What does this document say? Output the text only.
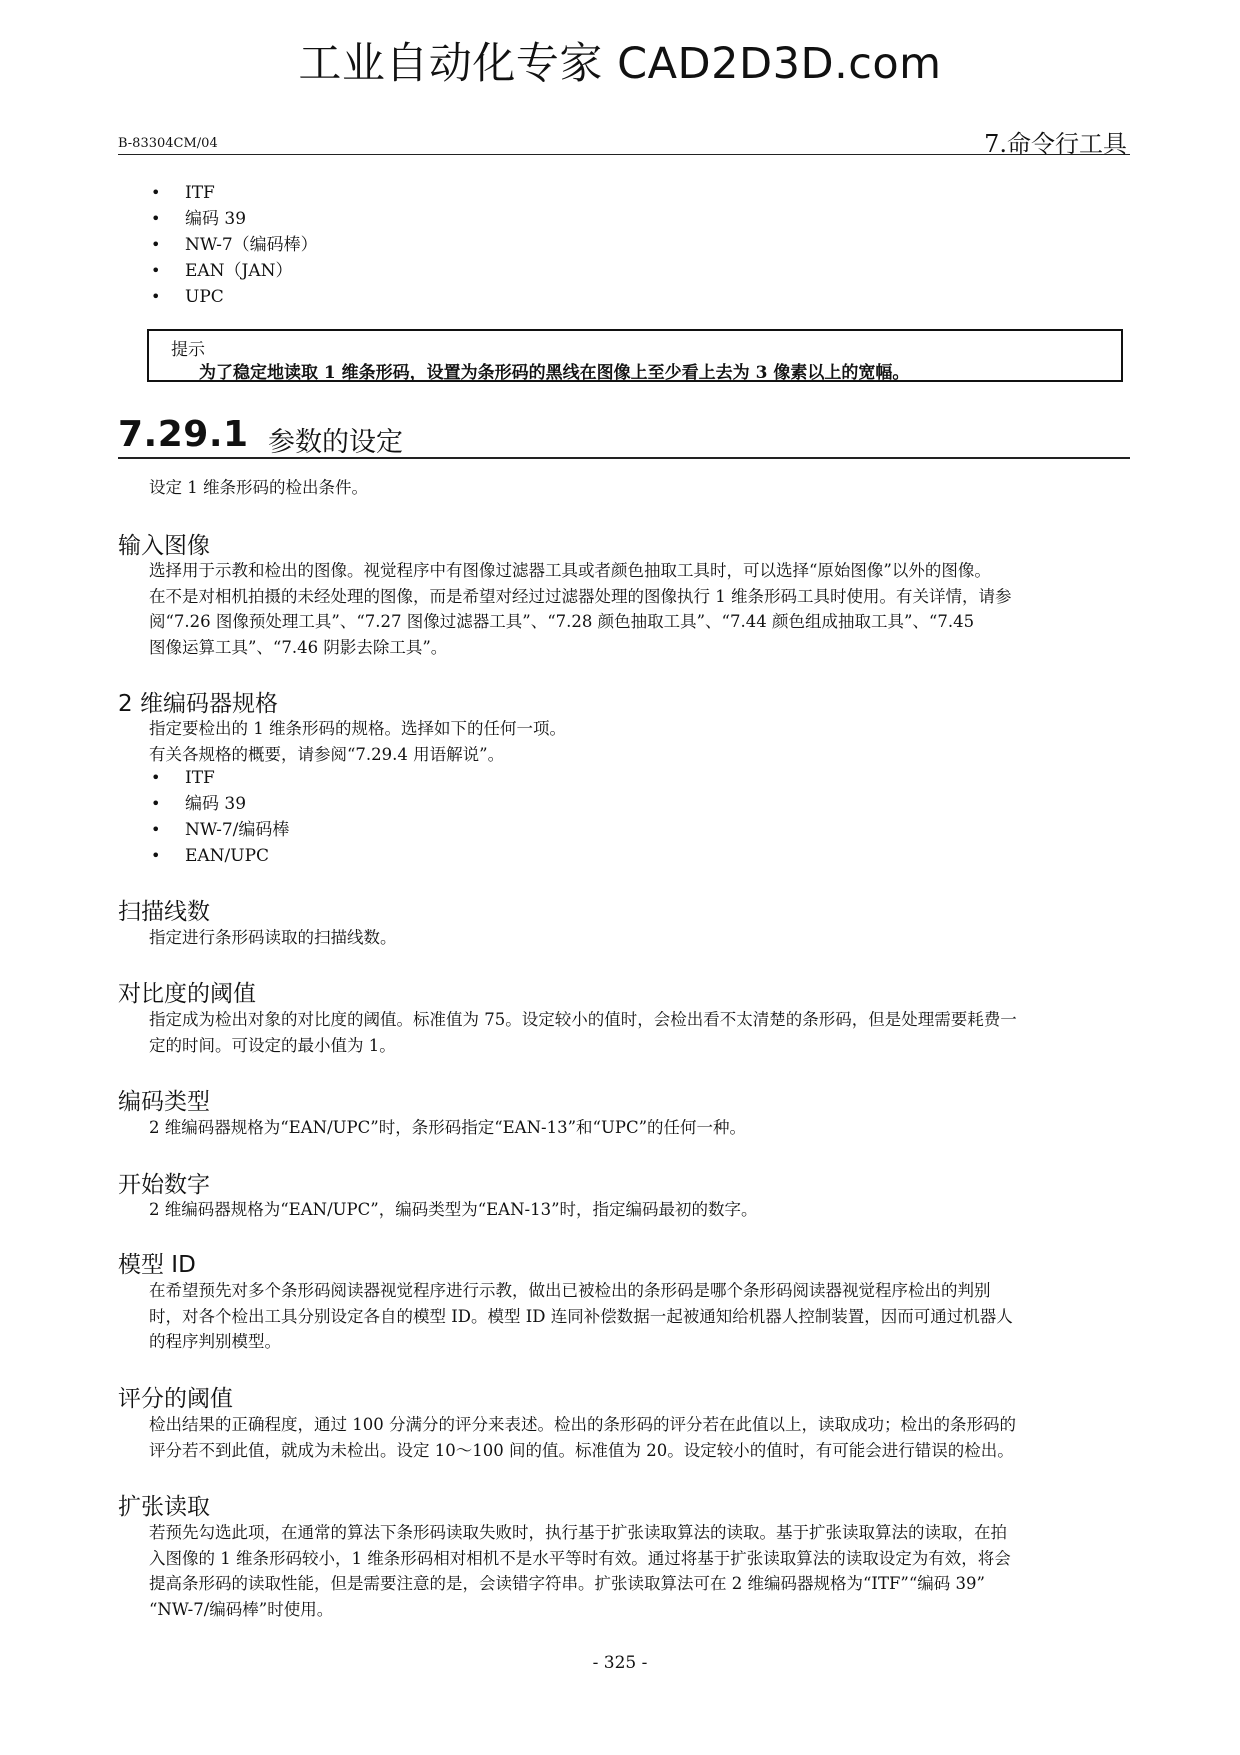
工业自动化专家 CAD2D3D.com
B-83304CM/04	7.命令行工具
• ITF
• 编码 39
• NW-7（编码棒）
• EAN（JAN）
• UPC
提示
为了稳定地读取 1 维条形码，设置为条形码的黑线在图像上至少看上去为 3 像素以上的宽幅。
7.29.1 参数的设定
设定 1 维条形码的检出条件。
输入图像
选择用于示教和检出的图像。视觉程序中有图像过滤器工具或者颜色抽取工具时，可以选择“原始图像”以外的图像。
在不是对相机拍摄的未经处理的图像，而是希望对经过过滤器处理的图像执行 1 维条形码工具时使用。有关详情，请参
阅“7.26 图像预处理工具”、“7.27 图像过滤器工具”、“7.28 颜色抽取工具”、“7.44 颜色组成抽取工具”、“7.45
图像运算工具”、“7.46 阴影去除工具”。
2 维编码器规格
指定要检出的 1 维条形码的规格。选择如下的任何一项。
有关各规格的概要，请参阅“7.29.4 用语解说”。
• ITF
• 编码 39
• NW-7/编码棒
• EAN/UPC
扫描线数
指定进行条形码读取的扫描线数。
对比度的阈值
指定成为检出对象的对比度的阈值。标准值为 75。设定较小的值时，会检出看不太清楚的条形码，但是处理需要耗费一
定的时间。可设定的最小值为 1。
编码类型
2 维编码器规格为“EAN/UPC”时，条形码指定“EAN-13”和“UPC”的任何一种。
开始数字
2 维编码器规格为“EAN/UPC”，编码类型为“EAN-13”时，指定编码最初的数字。
模型 ID
在希望预先对多个条形码阅读器视觉程序进行示教，做出已被检出的条形码是哪个条形码阅读器视觉程序检出的判别
时，对各个检出工具分别设定各自的模型 ID。模型 ID 连同补偿数据一起被通知给机器人控制装置，因而可通过机器人
的程序判别模型。
评分的阈值
检出结果的正确程度，通过 100 分满分的评分来表述。检出的条形码的评分若在此值以上，读取成功；检出的条形码的
评分若不到此值，就成为未检出。设定 10～100 间的值。标准值为 20。设定较小的值时，有可能会进行错误的检出。
扩张读取
若预先勾选此项，在通常的算法下条形码读取失败时，执行基于扩张读取算法的读取。基于扩张读取算法的读取，在拍
入图像的 1 维条形码较小，1 维条形码相对相机不是水平等时有效。通过将基于扩张读取算法的读取设定为有效，将会
提高条形码的读取性能，但是需要注意的是，会读错字符串。扩张读取算法可在 2 维编码器规格为“ITF”“编码 39”
“NW-7/编码棒”时使用。
- 325 -
